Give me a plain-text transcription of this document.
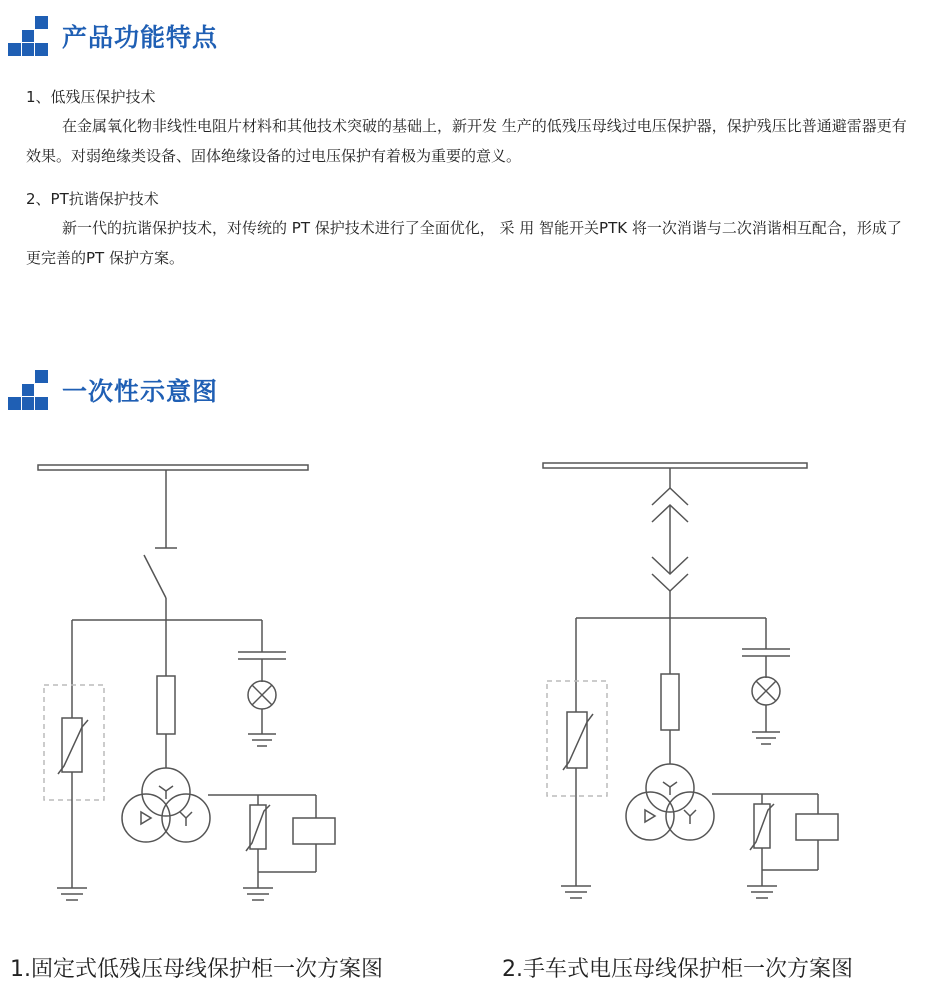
产品功能特点
1、低残压保护技术
在金属氧化物非线性电阻片材料和其他技术突破的基础上，新开发 生产的低残压母线过电压保护器，保护残压比普通避雷器更有效果。对弱绝缘类设备、固体绝缘设备的过电压保护有着极为重要的意义。
2、PT抗谐保护技术
新一代的抗谐保护技术，对传统的 PT 保护技术进行了全面优化， 采 用 智能开关PTK 将一次消谐与二次消谐相互配合，形成了更完善的PT 保护方案。
一次性示意图
1.固定式低残压母线保护柜一次方案图	2.手车式电压母线保护柜一次方案图
